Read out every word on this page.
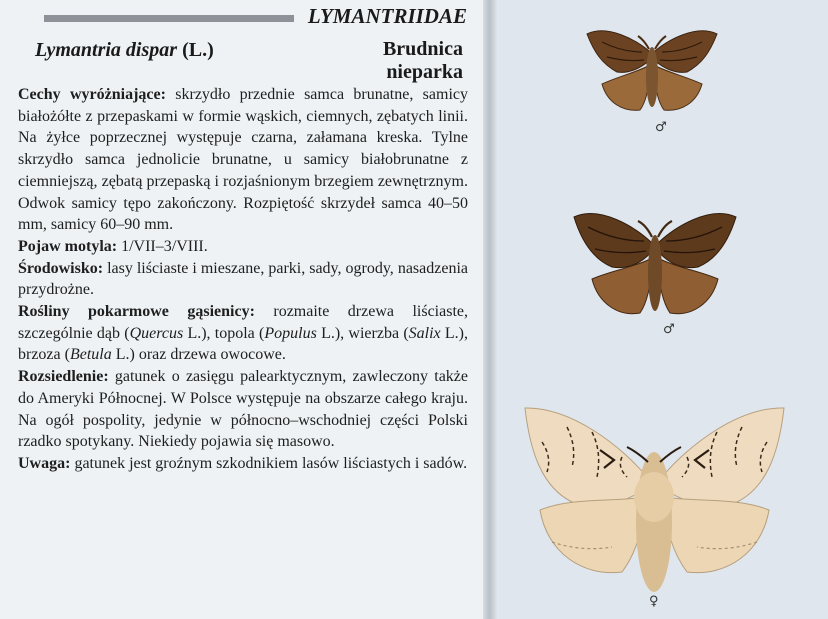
LYMANTRIIDAE
Lymantria dispar (L.)	Brudnica
nieparka

Cechy wyróżniające: skrzydło przednie samca brunatne, samicy białożółte z przepaskami w formie wąskich, ciemnych, zębatych linii. Na żyłce poprzecznej występuje czarna, załamana kreska. Tylne skrzydło samca jednolicie brunatne, u samicy białobrunatne z ciemniejszą, zębatą przepaską i rozjaśnionym brzegiem zewnętrznym. Odwok samicy tępo zakończony. Rozpiętość skrzydeł samca 40–50 mm, samicy 60–90 mm.

Pojaw motyla: 1/VII–3/VIII.

Środowisko: lasy liściaste i mieszane, parki, sady, ogrody, nasadzenia przydrożne.

Rośliny pokarmowe gąsienicy: rozmaite drzewa liściaste, szczególnie dąb (Quercus L.), topola (Populus L.), wierzba (Salix L.), brzoza (Betula L.) oraz drzewa owocowe.

Rozsiedlenie: gatunek o zasięgu palearktycznym, zawleczony także do Ameryki Północnej. W Polsce występuje na obszarze całego kraju. Na ogół pospolity, jedynie w północno–wschodniej części Polski rzadko spotykany. Niekiedy pojawia się masowo.

Uwaga: gatunek jest groźnym szkodnikiem lasów liściastych i sadów.

♂
♂
♀
